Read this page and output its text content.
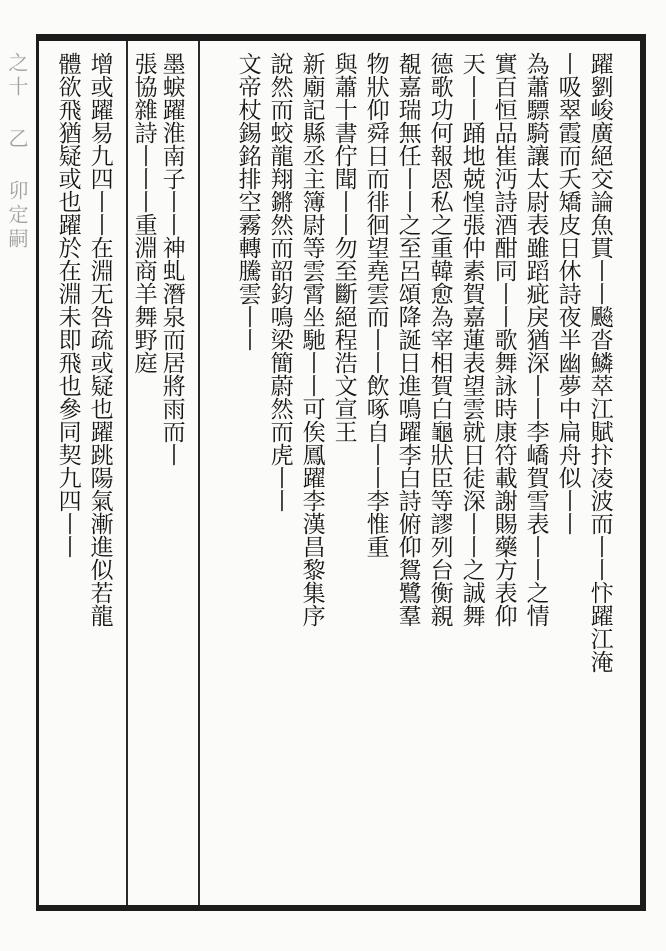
之十 乙 卯定嗣	躍劉峻廣絕交論魚貫丨丨飈沓鱗萃江賦抃凌波而丨丨忭躍江淹
丨吸翠霞而夭矯皮日休詩夜半幽夢中扁舟似丨丨
為蕭驃騎讓太尉表雖蹈疵戾猶深丨丨李嶠賀雪表丨丨之情
實百恒品崔沔詩酒酣同丨丨歌舞詠時康符載謝賜藥方表仰
天丨丨踊地兢惶張仲素賀嘉蓮表望雲就日徒深丨丨之誠舞
德歌功何報恩私之重韓愈為宰相賀白龜狀臣等謬列台衡親
覩嘉瑞無任丨丨之至呂頌降誕日進鳴躍李白詩俯仰鴛鷺羣
物狀仰舜日而徘徊望堯雲而丨丨飲啄自丨丨李惟重
與蕭十書佇聞丨丨勿至斷絕程浩文宣王
新廟記縣丞主簿尉等雲霄坐馳丨丨可俟鳳躍李漢昌黎集序
說然而蛟龍翔鏘然而韶鈞鳴梁簡蔚然而虎丨丨
文帝杖錫銘排空霧轉騰雲丨丨
墨蜧躍淮南子丨丨神虬潛泉而居將雨而丨
張協雜詩丨丨丨重淵商羊舞野庭
增或躍易九四丨丨在淵无咎疏或疑也躍跳陽氣漸進似若龍
體欲飛猶疑或也躍於在淵未即飛也參同契九四丨丨
